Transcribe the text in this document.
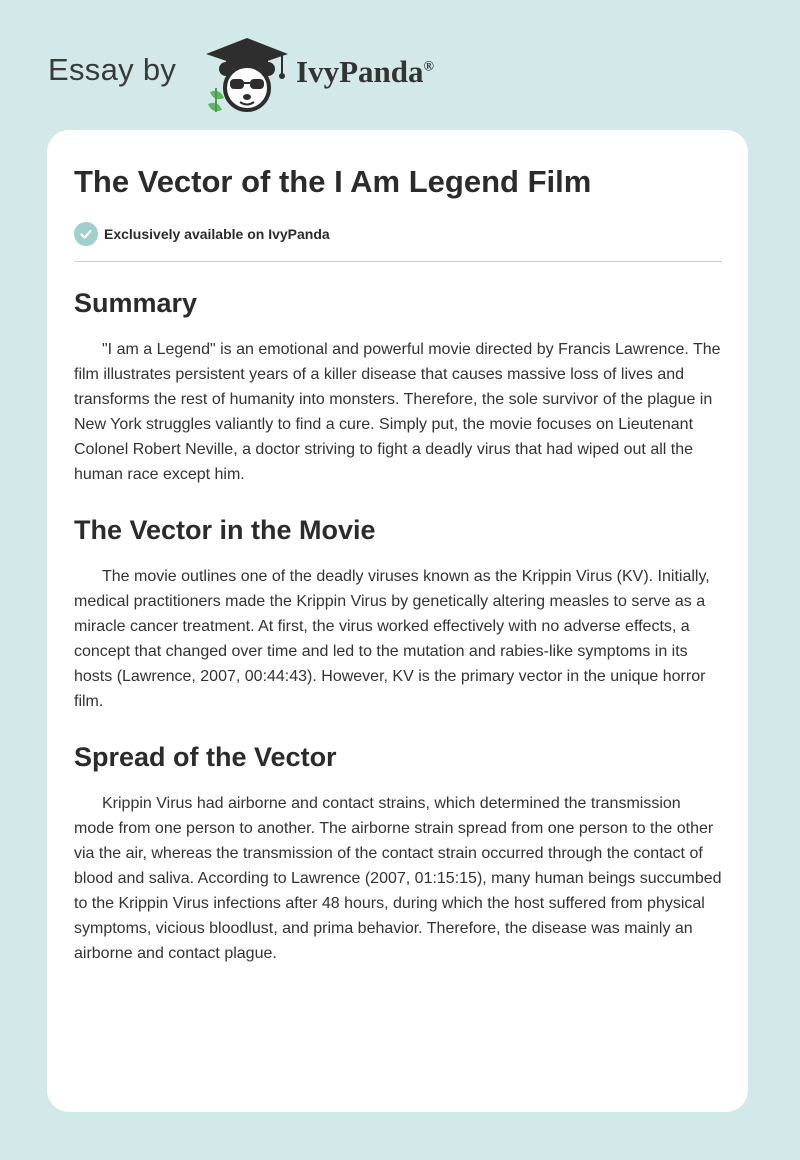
Essay by	IvyPanda®
The Vector of the I Am Legend Film
Exclusively available on IvyPanda
Summary

"I am a Legend" is an emotional and powerful movie directed by Francis Lawrence. The film illustrates persistent years of a killer disease that causes massive loss of lives and transforms the rest of humanity into monsters. Therefore, the sole survivor of the plague in New York struggles valiantly to find a cure. Simply put, the movie focuses on Lieutenant Colonel Robert Neville, a doctor striving to fight a deadly virus that had wiped out all the human race except him.

The Vector in the Movie

The movie outlines one of the deadly viruses known as the Krippin Virus (KV). Initially, medical practitioners made the Krippin Virus by genetically altering measles to serve as a miracle cancer treatment. At first, the virus worked effectively with no adverse effects, a concept that changed over time and led to the mutation and rabies-like symptoms in its hosts (Lawrence, 2007, 00:44:43). However, KV is the primary vector in the unique horror film.

Spread of the Vector

Krippin Virus had airborne and contact strains, which determined the transmission mode from one person to another. The airborne strain spread from one person to the other via the air, whereas the transmission of the contact strain occurred through the contact of blood and saliva. According to Lawrence (2007, 01:15:15), many human beings succumbed to the Krippin Virus infections after 48 hours, during which the host suffered from physical symptoms, vicious bloodlust, and prima behavior. Therefore, the disease was mainly an airborne and contact plague.
